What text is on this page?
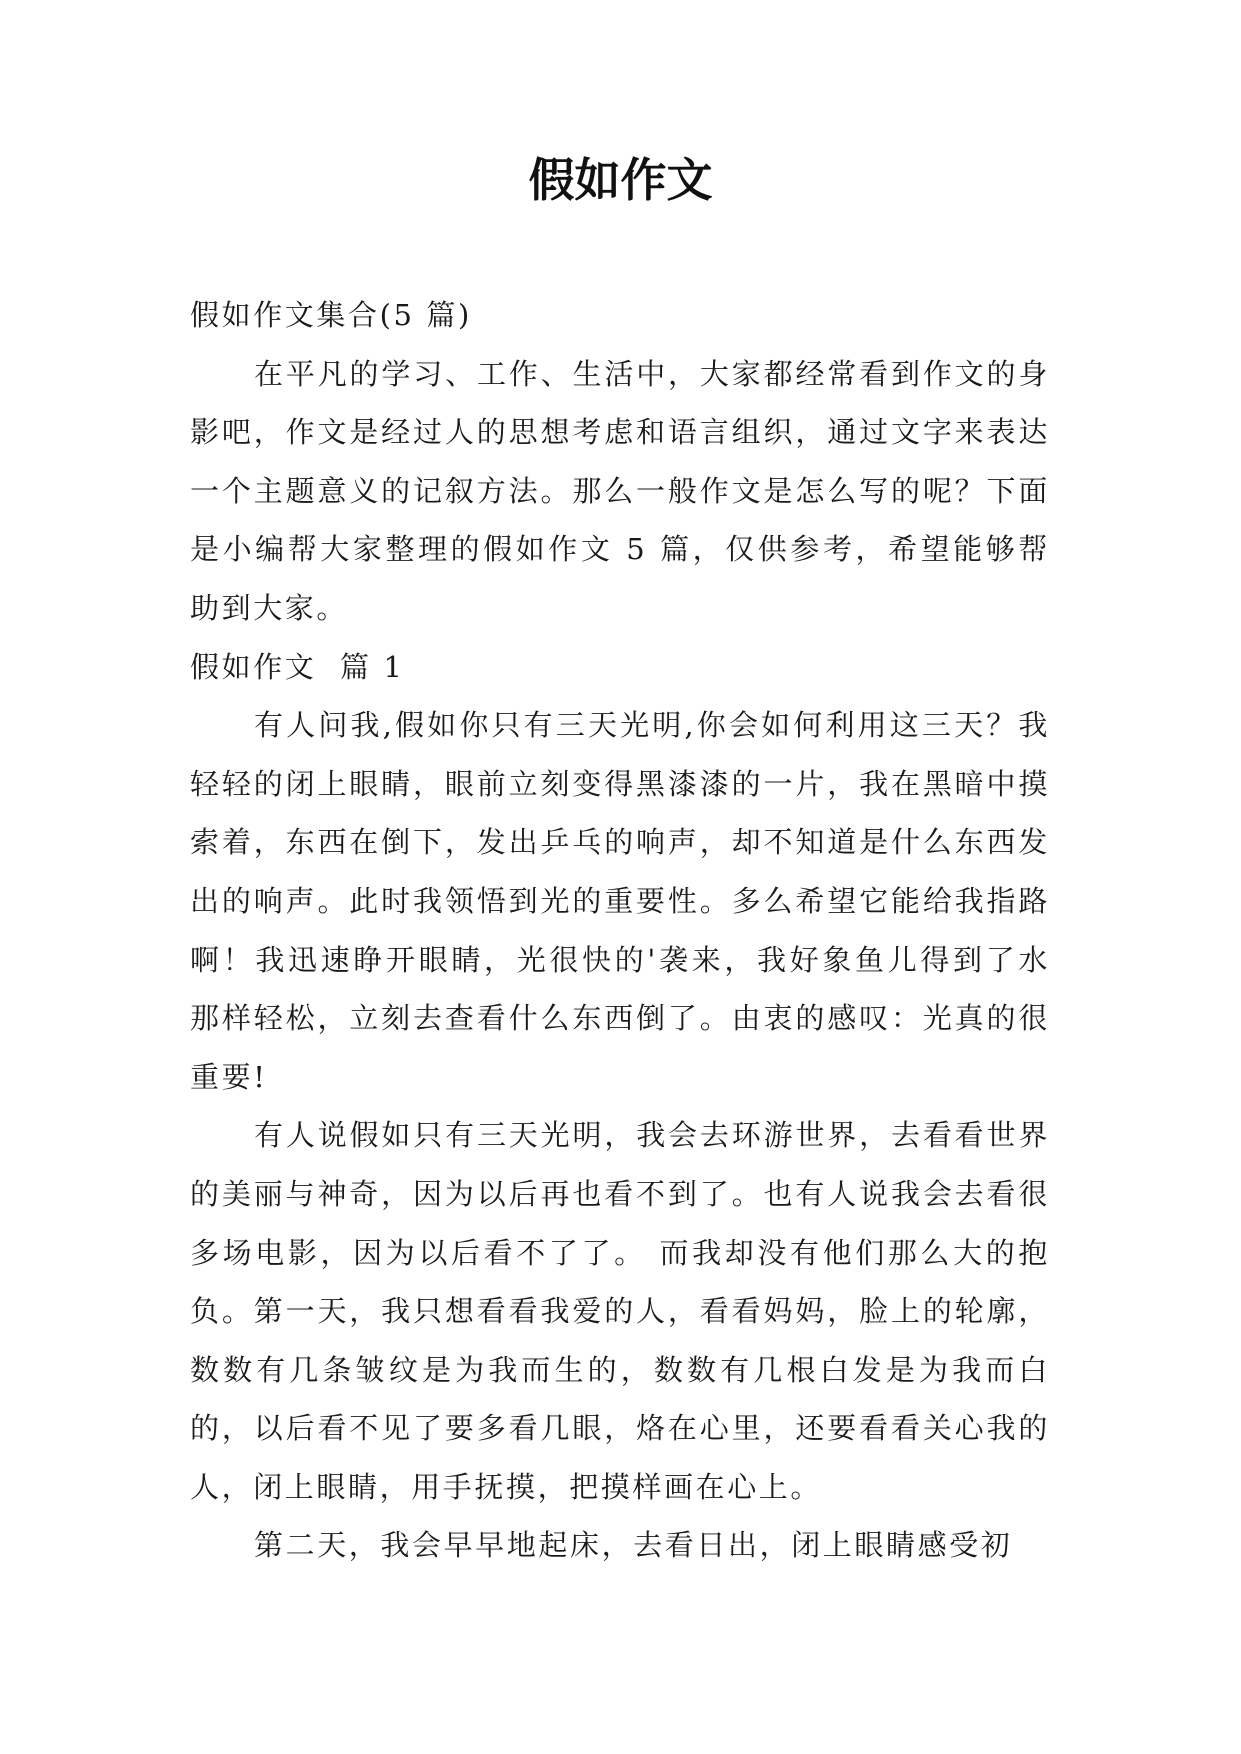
假如作文

假如作文集合(5 篇)

在平凡的学习、工作、生活中，大家都经常看到作文的身影吧，作文是经过人的思想考虑和语言组织，通过文字来表达一个主题意义的记叙方法。那么一般作文是怎么写的呢？下面是小编帮大家整理的假如作文 5 篇，仅供参考，希望能够帮助到大家。

假如作文  篇 1

有人问我,假如你只有三天光明,你会如何利用这三天？我轻轻的闭上眼睛，眼前立刻变得黑漆漆的一片，我在黑暗中摸索着，东西在倒下，发出乒乓的响声，却不知道是什么东西发出的响声。此时我领悟到光的重要性。多么希望它能给我指路啊！我迅速睁开眼睛，光很快的'袭来，我好象鱼儿得到了水那样轻松，立刻去查看什么东西倒了。由衷的感叹：光真的很重要!

有人说假如只有三天光明，我会去环游世界，去看看世界的美丽与神奇，因为以后再也看不到了。也有人说我会去看很多场电影，因为以后看不了了。 而我却没有他们那么大的抱负。第一天，我只想看看我爱的人，看看妈妈，脸上的轮廓，数数有几条皱纹是为我而生的，数数有几根白发是为我而白的，以后看不见了要多看几眼，烙在心里，还要看看关心我的人，闭上眼睛，用手抚摸，把摸样画在心上。

第二天，我会早早地起床，去看日出，闭上眼睛感受初
